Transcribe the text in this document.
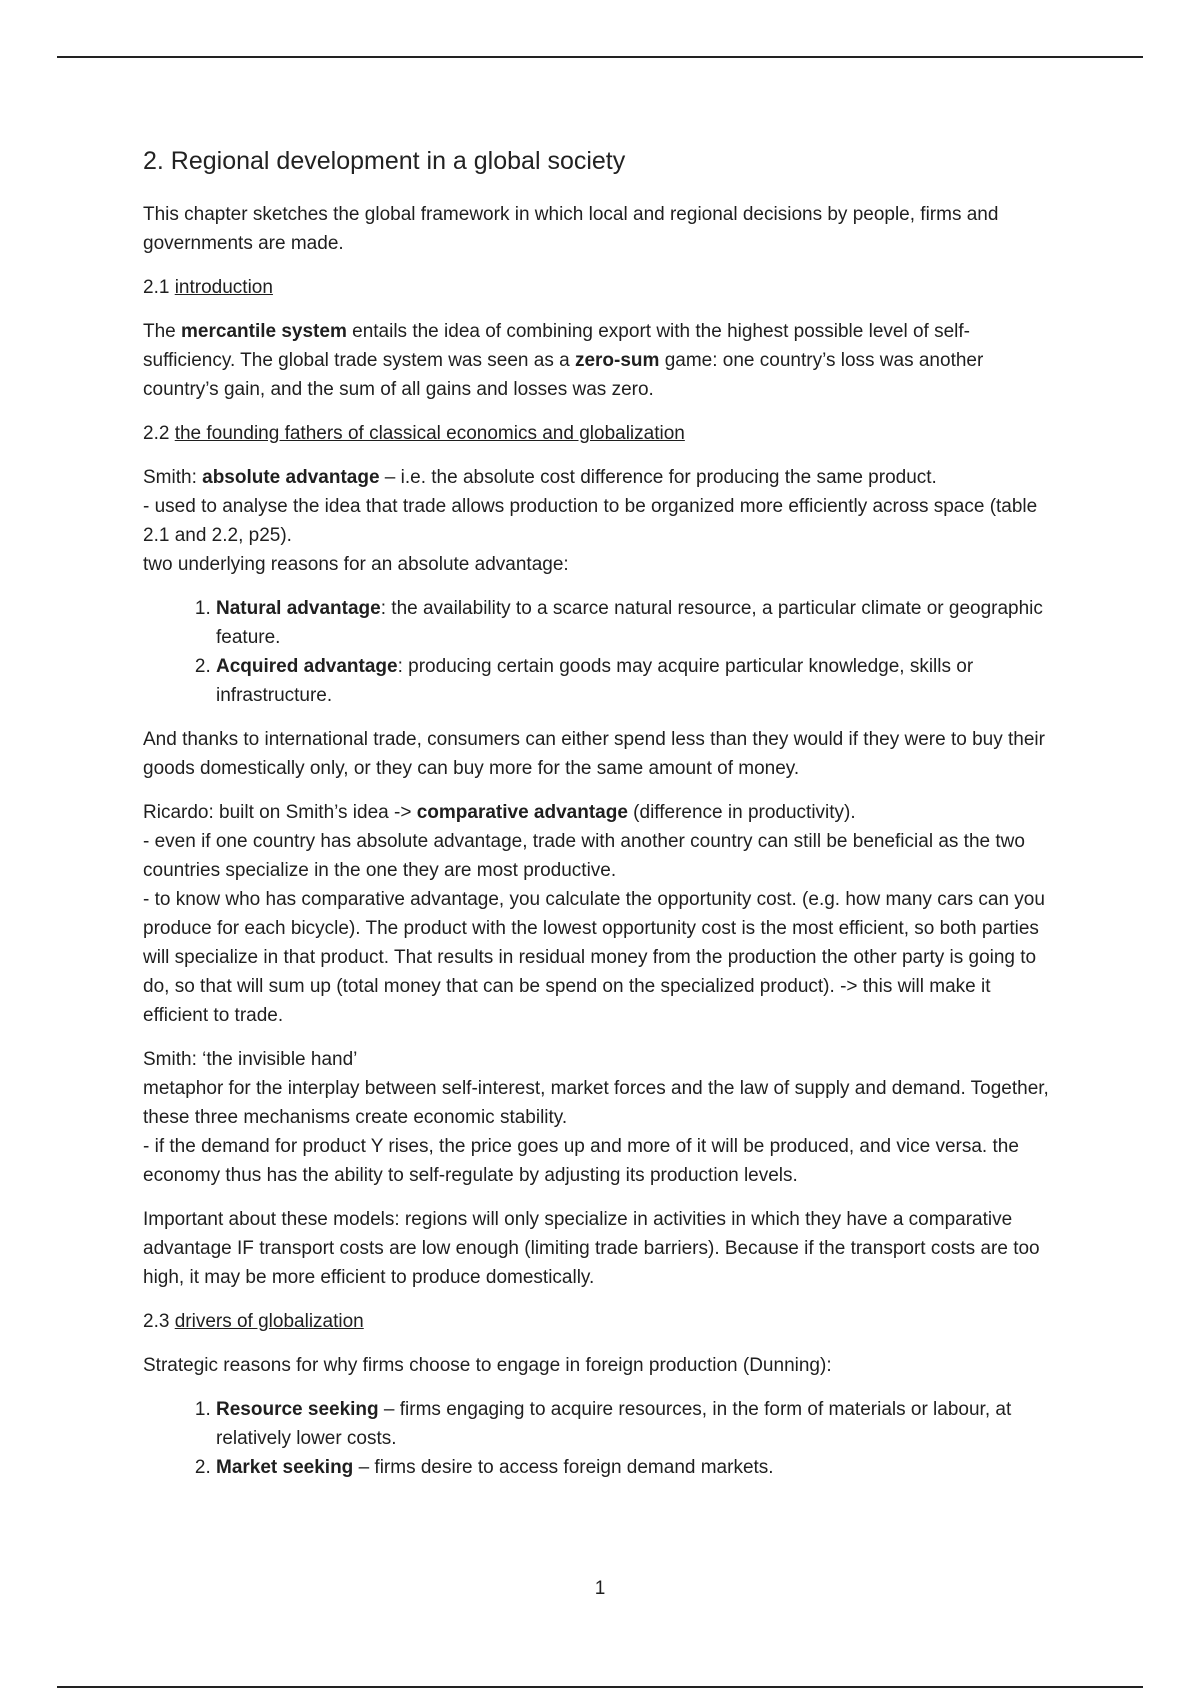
2. Regional development in a global society

This chapter sketches the global framework in which local and regional decisions by people, firms and governments are made.

2.1 introduction

The mercantile system entails the idea of combining export with the highest possible level of self-sufficiency. The global trade system was seen as a zero-sum game: one country’s loss was another country’s gain, and the sum of all gains and losses was zero.

2.2 the founding fathers of classical economics and globalization

Smith: absolute advantage – i.e. the absolute cost difference for producing the same product.
- used to analyse the idea that trade allows production to be organized more efficiently across space (table 2.1 and 2.2, p25).
two underlying reasons for an absolute advantage:

1. Natural advantage: the availability to a scarce natural resource, a particular climate or geographic feature.
2. Acquired advantage: producing certain goods may acquire particular knowledge, skills or infrastructure.

And thanks to international trade, consumers can either spend less than they would if they were to buy their goods domestically only, or they can buy more for the same amount of money.

Ricardo: built on Smith’s idea -> comparative advantage (difference in productivity).
- even if one country has absolute advantage, trade with another country can still be beneficial as the two countries specialize in the one they are most productive.
- to know who has comparative advantage, you calculate the opportunity cost. (e.g. how many cars can you produce for each bicycle). The product with the lowest opportunity cost is the most efficient, so both parties will specialize in that product. That results in residual money from the production the other party is going to do, so that will sum up (total money that can be spend on the specialized product). -> this will make it efficient to trade.

Smith: ‘the invisible hand’
metaphor for the interplay between self-interest, market forces and the law of supply and demand. Together, these three mechanisms create economic stability.
- if the demand for product Y rises, the price goes up and more of it will be produced, and vice versa. the economy thus has the ability to self-regulate by adjusting its production levels.

Important about these models: regions will only specialize in activities in which they have a comparative advantage IF transport costs are low enough (limiting trade barriers). Because if the transport costs are too high, it may be more efficient to produce domestically.

2.3 drivers of globalization

Strategic reasons for why firms choose to engage in foreign production (Dunning):

1. Resource seeking – firms engaging to acquire resources, in the form of materials or labour, at relatively lower costs.
2. Market seeking – firms desire to access foreign demand markets.
1
